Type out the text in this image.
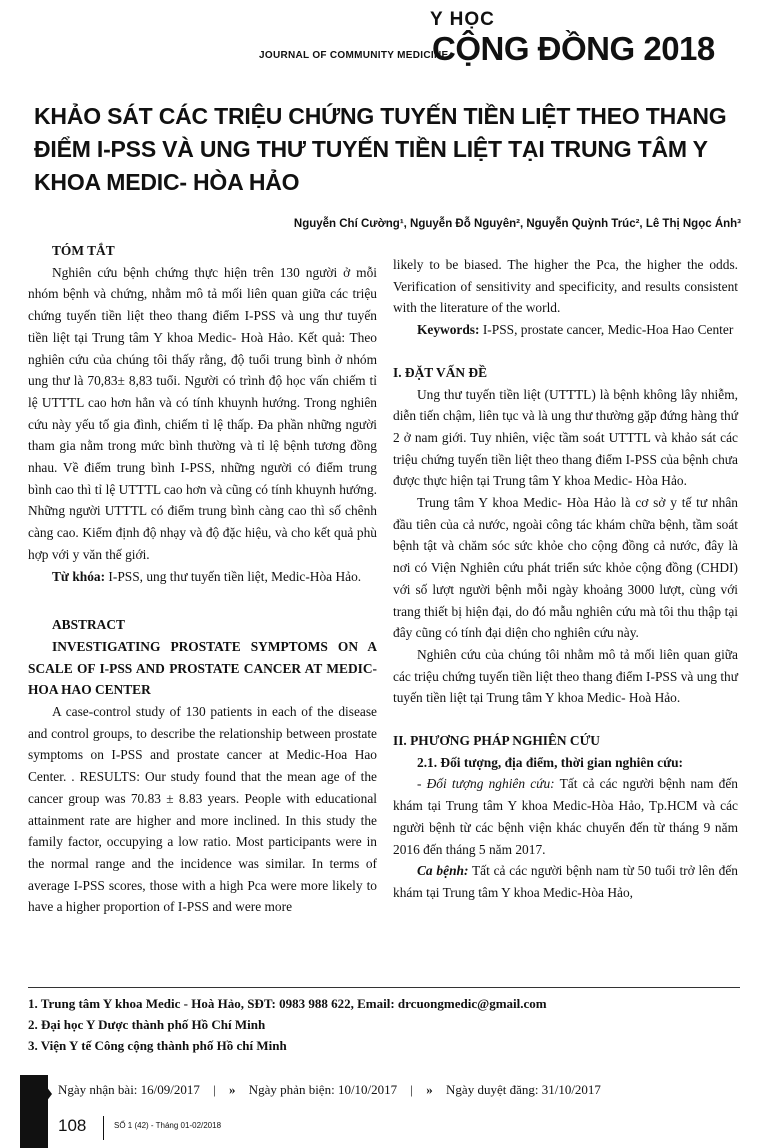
JOURNAL OF COMMUNITY MEDICINE
Y HỌC
CỘNG ĐỒNG 2018
KHẢO SÁT CÁC TRIỆU CHỨNG TUYẾN TIỀN LIỆT THEO THANG ĐIỂM I-PSS VÀ UNG THƯ TUYẾN TIỀN LIỆT TẠI TRUNG TÂM Y KHOA MEDIC- HÒA HẢO
Nguyễn Chí Cường¹, Nguyễn Đỗ Nguyên², Nguyễn Quỳnh Trúc², Lê Thị Ngọc Ánh³

TÓM TẮT

Nghiên cứu bệnh chứng thực hiện trên 130 người ở mỗi nhóm bệnh và chứng, nhằm mô tả mối liên quan giữa các triệu chứng tuyến tiền liệt theo thang điểm I-PSS và ung thư tuyến tiền liệt tại Trung tâm Y khoa Medic- Hoà Hảo. Kết quả: Theo nghiên cứu của chúng tôi thấy rằng, độ tuổi trung bình ở nhóm ung thư là 70,83± 8,83 tuổi. Người có trình độ học vấn chiếm tỉ lệ UTTTL cao hơn hẳn và có tính khuynh hướng. Trong nghiên cứu này yếu tố gia đình, chiếm tỉ lệ thấp. Đa phần những người tham gia nằm trong mức bình thường và tỉ lệ bệnh tương đồng nhau. Về điểm trung bình I-PSS, những người có điểm trung bình cao thì tỉ lệ UTTTL cao hơn và cũng có tính khuynh hướng. Những người UTTTL có điểm trung bình càng cao thì số chênh càng cao. Kiểm định độ nhạy và độ đặc hiệu, và cho kết quả phù hợp với y văn thế giới.

Từ khóa: I-PSS, ung thư tuyến tiền liệt, Medic-Hòa Hảo.

ABSTRACT

INVESTIGATING PROSTATE SYMPTOMS ON A SCALE OF I-PSS AND PROSTATE CANCER AT MEDIC-HOA HAO CENTER

A case-control study of 130 patients in each of the disease and control groups, to describe the relationship between prostate symptoms on I-PSS and prostate cancer at Medic-Hoa Hao Center. . RESULTS: Our study found that the mean age of the cancer group was 70.83 ± 8.83 years. People with educational attainment rate are higher and more inclined. In this study the family factor, occupying a low ratio. Most participants were in the normal range and the incidence was similar. In terms of average I-PSS scores, those with a high Pca were more likely to have a higher proportion of I-PSS and were more

likely to be biased. The higher the Pca, the higher the odds. Verification of sensitivity and specificity, and results consistent with the literature of the world.

Keywords: I-PSS, prostate cancer, Medic-Hoa Hao Center

I. ĐẶT VẤN ĐỀ

Ung thư tuyến tiền liệt (UTTTL) là bệnh không lây nhiễm, diễn tiến chậm, liên tục và là ung thư thường gặp đứng hàng thứ 2 ở nam giới. Tuy nhiên, việc tầm soát UTTTL và khảo sát các triệu chứng tuyến tiền liệt theo thang điểm I-PSS của bệnh chưa được thực hiện tại Trung tâm Y khoa Medic- Hòa Hảo.

Trung tâm Y khoa Medic- Hòa Hảo là cơ sở y tế tư nhân đầu tiên của cả nước, ngoài công tác khám chữa bệnh, tầm soát bệnh tật và chăm sóc sức khỏe cho cộng đồng cả nước, đây là nơi có Viện Nghiên cứu phát triển sức khỏe cộng đồng (CHDI) với số lượt người bệnh mỗi ngày khoảng 3000 lượt, cùng với trang thiết bị hiện đại, do đó mẫu nghiên cứu mà tôi thu thập tại đây cũng có tính đại diện cho nghiên cứu này.

Nghiên cứu của chúng tôi nhằm mô tả mối liên quan giữa các triệu chứng tuyến tiền liệt theo thang điểm I-PSS và ung thư tuyến tiền liệt tại Trung tâm Y khoa Medic- Hoà Hảo.

II. PHƯƠNG PHÁP NGHIÊN CỨU

2.1. Đối tượng, địa điểm, thời gian nghiên cứu:

- Đối tượng nghiên cứu: Tất cả các người bệnh nam đến khám tại Trung tâm Y khoa Medic-Hòa Hảo, Tp.HCM và các người bệnh từ các bệnh viện khác chuyển đến từ tháng 9 năm 2016 đến tháng 5 năm 2017.

Ca bệnh: Tất cả các người bệnh nam từ 50 tuổi trở lên đến khám tại Trung tâm Y khoa Medic-Hòa Hảo,

1. Trung tâm Y khoa Medic - Hoà Hảo, SĐT: 0983 988 622, Email: drcuongmedic@gmail.com
2. Đại học Y Dược thành phố Hồ Chí Minh
3. Viện Y tế Công cộng thành phố Hồ chí Minh
Ngày nhận bài: 16/09/2017 | » Ngày phản biện: 10/10/2017 | » Ngày duyệt đăng: 31/10/2017
108	SỐ 1 (42) - Tháng 01-02/2018
